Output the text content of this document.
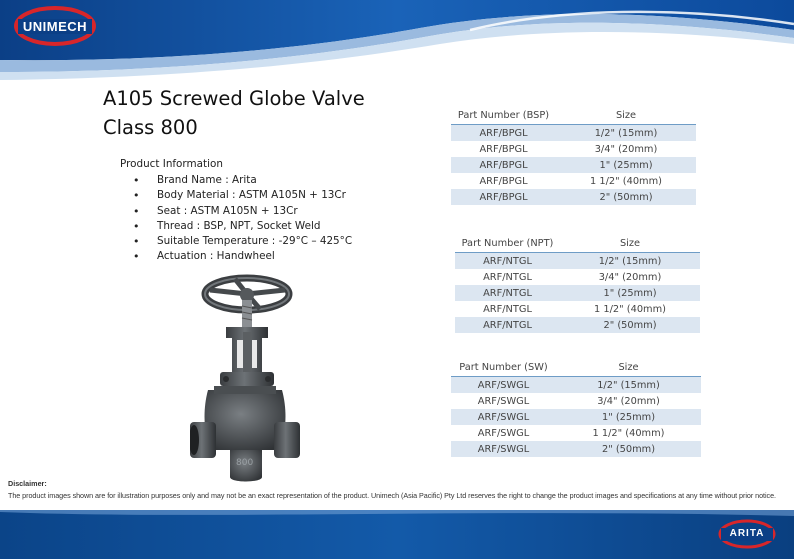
UNIMECH
A105 Screwed Globe Valve
Class 800
Product Information
• Brand Name : Arita
• Body Material : ASTM A105N + 13Cr
• Seat : ASTM A105N + 13Cr
• Thread : BSP, NPT, Socket Weld
• Suitable Temperature : -29°C – 425°C
• Actuation : Handwheel
800
Part Number (BSP)	Size
ARF/BPGL	1/2" (15mm)
ARF/BPGL	3/4" (20mm)
ARF/BPGL	1" (25mm)
ARF/BPGL	1 1/2" (40mm)
ARF/BPGL	2" (50mm)
Part Number (NPT)	Size
ARF/NTGL	1/2" (15mm)
ARF/NTGL	3/4" (20mm)
ARF/NTGL	1" (25mm)
ARF/NTGL	1 1/2" (40mm)
ARF/NTGL	2" (50mm)
Part Number (SW)	Size
ARF/SWGL	1/2" (15mm)
ARF/SWGL	3/4" (20mm)
ARF/SWGL	1" (25mm)
ARF/SWGL	1 1/2" (40mm)
ARF/SWGL	2" (50mm)
Disclaimer:
The product images shown are for illustration purposes only and may not be an exact representation of the product. Unimech (Asia Pacific) Pty Ltd reserves the right to change the product images and specifications at any time without prior notice.
ARITA
